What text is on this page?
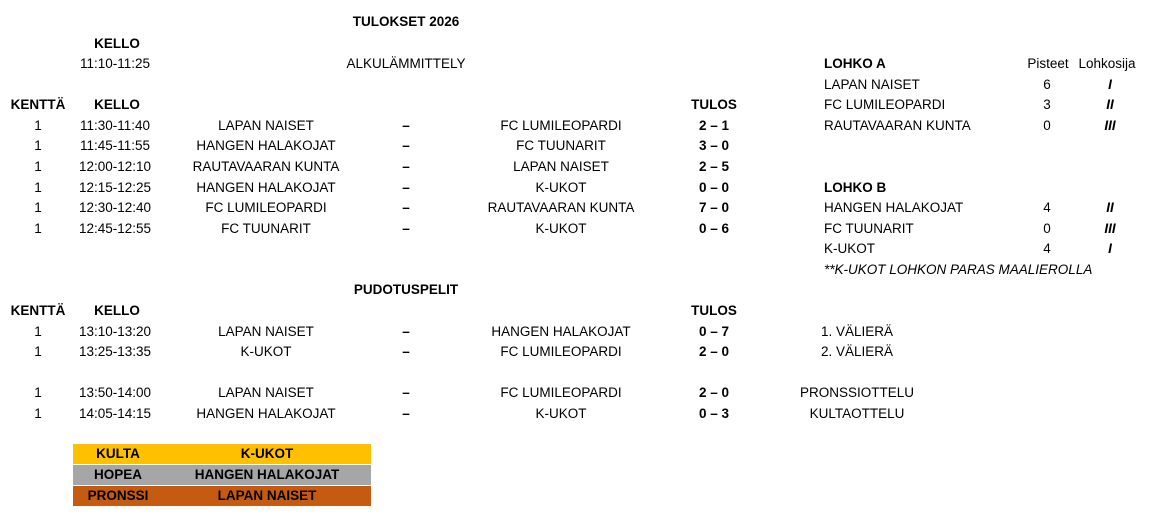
TULOKSET 2026
KELLO
11:10-11:25	ALKULÄMMITTELY
KENTTÄ KELLO	TULOS
1	11:30-11:40	LAPAN NAISET	–	FC LUMILEOPARDI	2 – 1
1	11:45-11:55	HANGEN HALAKOJAT	–	FC TUUNARIT	3 – 0
1	12:00-12:10	RAUTAVAARAN KUNTA	–	LAPAN NAISET	2 – 5
1	12:15-12:25	HANGEN HALAKOJAT	–	K-UKOT	0 – 0
1	12:30-12:40	FC LUMILEOPARDI	–	RAUTAVAARAN KUNTA	7 – 0
1	12:45-12:55	FC TUUNARIT	–	K-UKOT	0 – 6
LOHKO A	Pisteet Lohkosija
LAPAN NAISET	6	I
FC LUMILEOPARDI	3	II
RAUTAVAARAN KUNTA	0	III
LOHKO B
HANGEN HALAKOJAT	4	II
FC TUUNARIT	0	III
K-UKOT	4	I
**K-UKOT LOHKON PARAS MAALIEROLLA
PUDOTUSPELIT
KENTTÄ KELLO	TULOS
1	13:10-13:20	LAPAN NAISET	–	HANGEN HALAKOJAT	0 – 7	1. VÄLIERÄ
1	13:25-13:35	K-UKOT	–	FC LUMILEOPARDI	2 – 0	2. VÄLIERÄ
1	13:50-14:00	LAPAN NAISET	–	FC LUMILEOPARDI	2 – 0	PRONSSIOTTELU
1	14:05-14:15	HANGEN HALAKOJAT	–	K-UKOT	0 – 3	KULTAOTTELU
KULTA	K-UKOT
HOPEA	HANGEN HALAKOJAT
PRONSSI	LAPAN NAISET
